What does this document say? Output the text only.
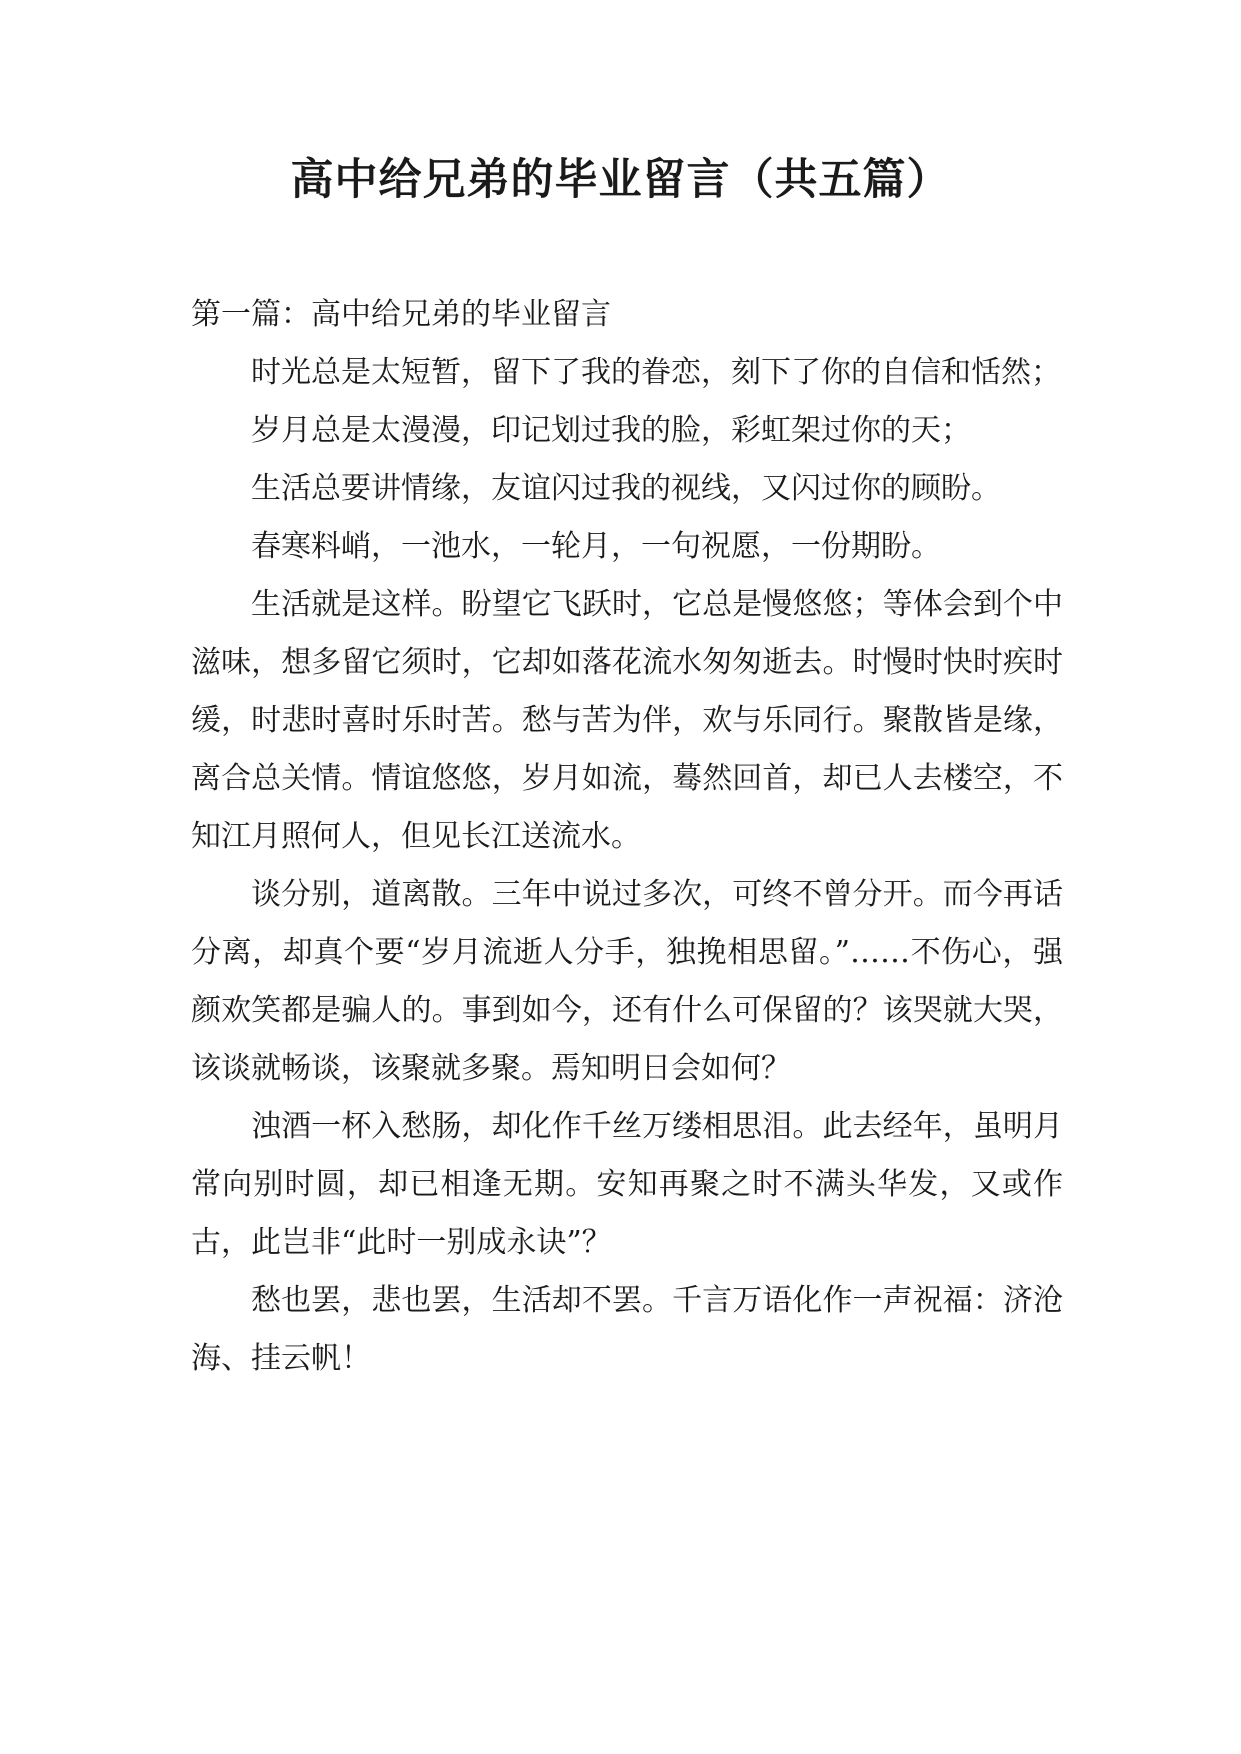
高中给兄弟的毕业留言（共五篇）

第一篇：高中给兄弟的毕业留言

时光总是太短暂，留下了我的眷恋，刻下了你的自信和恬然；

岁月总是太漫漫，印记划过我的脸，彩虹架过你的天；

生活总要讲情缘，友谊闪过我的视线，又闪过你的顾盼。

春寒料峭，一池水，一轮月，一句祝愿，一份期盼。

生活就是这样。盼望它飞跃时，它总是慢悠悠；等体会到个中滋味，想多留它须时，它却如落花流水匆匆逝去。时慢时快时疾时缓，时悲时喜时乐时苦。愁与苦为伴，欢与乐同行。聚散皆是缘，离合总关情。情谊悠悠，岁月如流，蓦然回首，却已人去楼空，不知江月照何人，但见长江送流水。

谈分别，道离散。三年中说过多次，可终不曾分开。而今再话分离，却真个要“岁月流逝人分手，独挽相思留。”……不伤心，强颜欢笑都是骗人的。事到如今，还有什么可保留的？该哭就大哭，该谈就畅谈，该聚就多聚。焉知明日会如何？

浊酒一杯入愁肠，却化作千丝万缕相思泪。此去经年，虽明月常向别时圆，却已相逢无期。安知再聚之时不满头华发，又或作古，此岂非“此时一别成永诀”？

愁也罢，悲也罢，生活却不罢。千言万语化作一声祝福：济沧海、挂云帆！
